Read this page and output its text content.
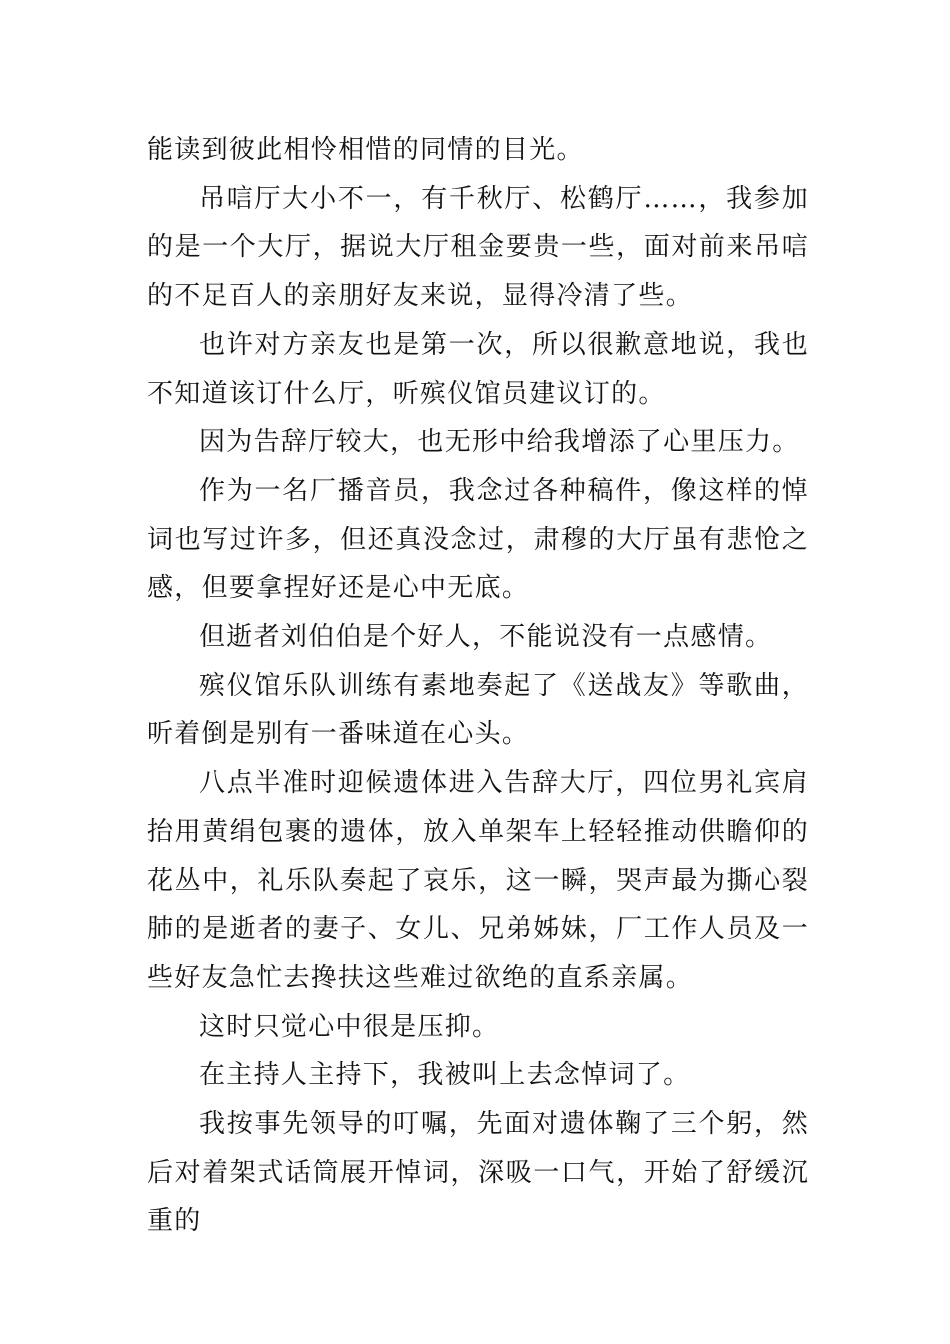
能读到彼此相怜相惜的同情的目光。

吊唁厅大小不一，有千秋厅、松鹤厅……，我参加的是一个大厅，据说大厅租金要贵一些，面对前来吊唁的不足百人的亲朋好友来说，显得冷清了些。

也许对方亲友也是第一次，所以很歉意地说，我也不知道该订什么厅，听殡仪馆员建议订的。

因为告辞厅较大，也无形中给我增添了心里压力。

作为一名厂播音员，我念过各种稿件，像这样的悼词也写过许多，但还真没念过，肃穆的大厅虽有悲怆之感，但要拿捏好还是心中无底。

但逝者刘伯伯是个好人，不能说没有一点感情。

殡仪馆乐队训练有素地奏起了《送战友》等歌曲，听着倒是别有一番味道在心头。

八点半准时迎候遗体进入告辞大厅，四位男礼宾肩抬用黄绢包裹的遗体，放入单架车上轻轻推动供瞻仰的花丛中，礼乐队奏起了哀乐，这一瞬，哭声最为撕心裂肺的是逝者的妻子、女儿、兄弟姊妹，厂工作人员及一些好友急忙去搀扶这些难过欲绝的直系亲属。

这时只觉心中很是压抑。

在主持人主持下，我被叫上去念悼词了。

我按事先领导的叮嘱，先面对遗体鞠了三个躬，然后对着架式话筒展开悼词，深吸一口气，开始了舒缓沉重的
